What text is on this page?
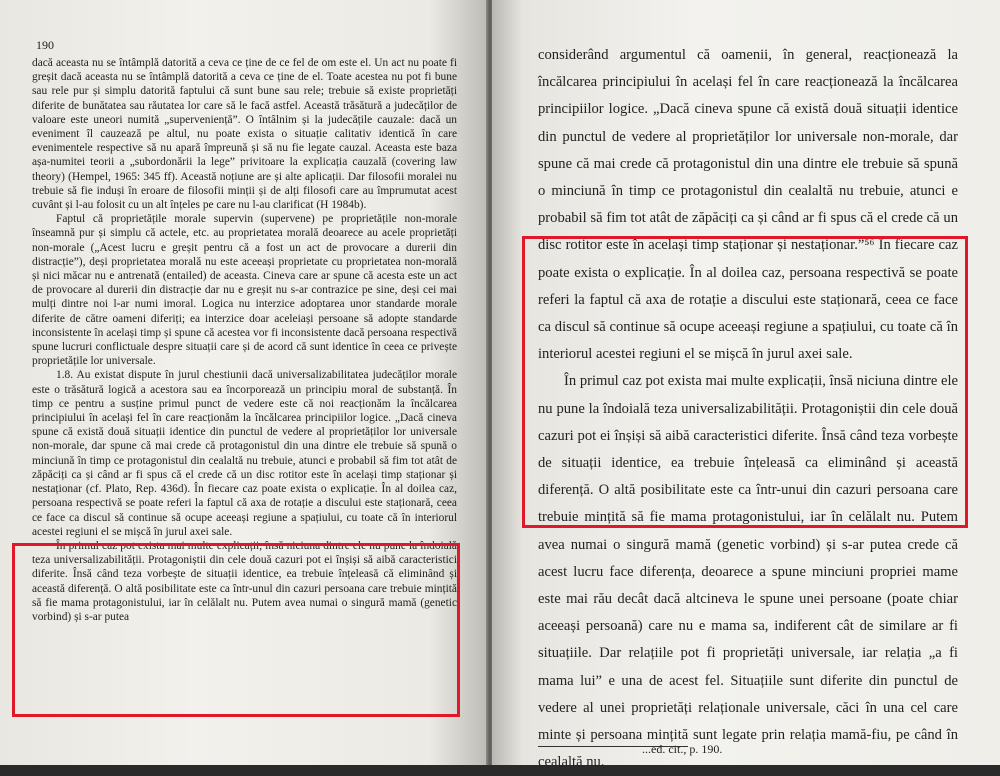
190

dacă aceasta nu se întâmplă datorită a ceva ce ține de ce fel de om este el. Un act nu poate fi greșit dacă aceasta nu se întâmplă datorită a ceva ce ține de el. Toate acestea nu pot fi bune sau rele pur și simplu datorită faptului că sunt bune sau rele; trebuie să existe proprietăți diferite de bunătatea sau răutatea lor care să le facă astfel. Această trăsătură a judecăților de valoare este uneori numită „superveniență”. O întâlnim și la judecățile cauzale: dacă un eveniment îl cauzează pe altul, nu poate exista o situație calitativ identică în care evenimentele respective să nu apară împreună și să nu fie legate cauzal. Aceasta este baza așa-numitei teorii a „subordonării la lege” privitoare la explicația cauzală (covering law theory) (Hempel, 1965: 345 ff). Această noțiune are și alte aplicații. Dar filosofii moralei nu trebuie să fie induși în eroare de filosofii minții și de alți filosofi care au împrumutat acest cuvânt și l-au folosit cu un alt înțeles pe care nu l-au clarificat (H 1984b).

Faptul că proprietățile morale supervin (supervene) pe proprietățile non-morale înseamnă pur și simplu că actele, etc. au proprietatea morală deoarece au acele proprietăți non-morale („Acest lucru e greșit pentru că a fost un act de provocare a durerii din distracție”), deși proprietatea morală nu este aceeași proprietate cu proprietatea non-morală și nici măcar nu e antrenată (entailed) de aceasta. Cineva care ar spune că acesta este un act de provocare al durerii din distracție dar nu e greșit nu s-ar contrazice pe sine, deși cei mai mulți dintre noi l-ar numi imoral. Logica nu interzice adoptarea unor standarde morale diferite de către oameni diferiți; ea interzice doar aceleiași persoane să adopte standarde inconsistente în același timp și spune că acestea vor fi inconsistente dacă persoana respectivă spune lucruri conflictuale despre situații care și de acord că sunt identice în ceea ce privește proprietățile lor universale.

1.8. Au existat dispute în jurul chestiunii dacă universalizabilitatea judecăților morale este o trăsătură logică a acestora sau ea încorporează un principiu moral de substanță. În timp ce pentru a susține primul punct de vedere este că noi reacționăm la încălcarea principiului în același fel în care reacționăm la încălcarea principiilor logice. „Dacă cineva spune că există două situații identice din punctul de vedere al proprietăților lor universale non-morale, dar spune că mai crede că protagonistul din una dintre ele trebuie să spună o minciună în timp ce protagonistul din cealaltă nu trebuie, atunci e probabil să fim tot atât de zăpăciți ca și când ar fi spus că el crede că un disc rotitor este în același timp staționar și nestaționar (cf. Plato, Rep. 436d). În fiecare caz poate exista o explicație. În al doilea caz, persoana respectivă se poate referi la faptul că axa de rotație a discului este staționară, ceea ce face ca discul să continue să ocupe aceeași regiune a spațiului, cu toate că în interiorul acestei regiuni el se mișcă în jurul axei sale.

În primul caz pot exista mai multe explicații, însă niciuna dintre ele nu pune la îndoială teza universalizabilității. Protagoniștii din cele două cazuri pot ei înșiși să aibă caracteristici diferite. Însă când teza vorbește de situații identice, ea trebuie înțeleasă că eliminând și această diferență. O altă posibilitate este ca într-unul din cazuri persoana care trebuie mințită să fie mama protagonistului, iar în celălalt nu. Putem avea numai o singură mamă (genetic vorbind) și s-ar putea

considerând argumentul că oamenii, în general, reacționează la încălcarea principiului în același fel în care reacționează la încălcarea principiilor logice. „Dacă cineva spune că există două situații identice din punctul de vedere al proprietăților lor universale non-morale, dar spune că mai crede că protagonistul din una dintre ele trebuie să spună o minciună în timp ce protagonistul din cealaltă nu trebuie, atunci e probabil să fim tot atât de zăpăciți ca și când ar fi spus că el crede că un disc rotitor este în același timp staționar și nestaționar.”⁵⁶ În fiecare caz poate exista o explicație. În al doilea caz, persoana respectivă se poate referi la faptul că axa de rotație a discului este staționară, ceea ce face ca discul să continue să ocupe aceeași regiune a spațiului, cu toate că în interiorul acestei regiuni el se mișcă în jurul axei sale.

În primul caz pot exista mai multe explicații, însă niciuna dintre ele nu pune la îndoială teza universalizabilității. Protagoniștii din cele două cazuri pot ei înșiși să aibă caracteristici diferite. Însă când teza vorbește de situații identice, ea trebuie înțeleasă ca eliminând și această diferență. O altă posibilitate este ca într-unui din cazuri persoana care trebuie mințită să fie mama protagonistului, iar în celălalt nu. Putem avea numai o singură mamă (genetic vorbind) și s-ar putea crede că acest lucru face diferența, deoarece a spune minciuni propriei mame este mai rău decât dacă altcineva le spune unei persoane (poate chiar aceeași persoană) care nu e mama sa, indiferent cât de similare ar fi situațiile. Dar relațiile pot fi proprietăți universale, iar relația „a fi mama lui” e una de acest fel. Situațiile sunt diferite din punctul de vedere al unei proprietăți relaționale universale, căci în una cel care minte și persoana mințită sunt legate prin relația mamă-fiu, pe când în cealaltă nu.

...ed. cit., p. 190.
